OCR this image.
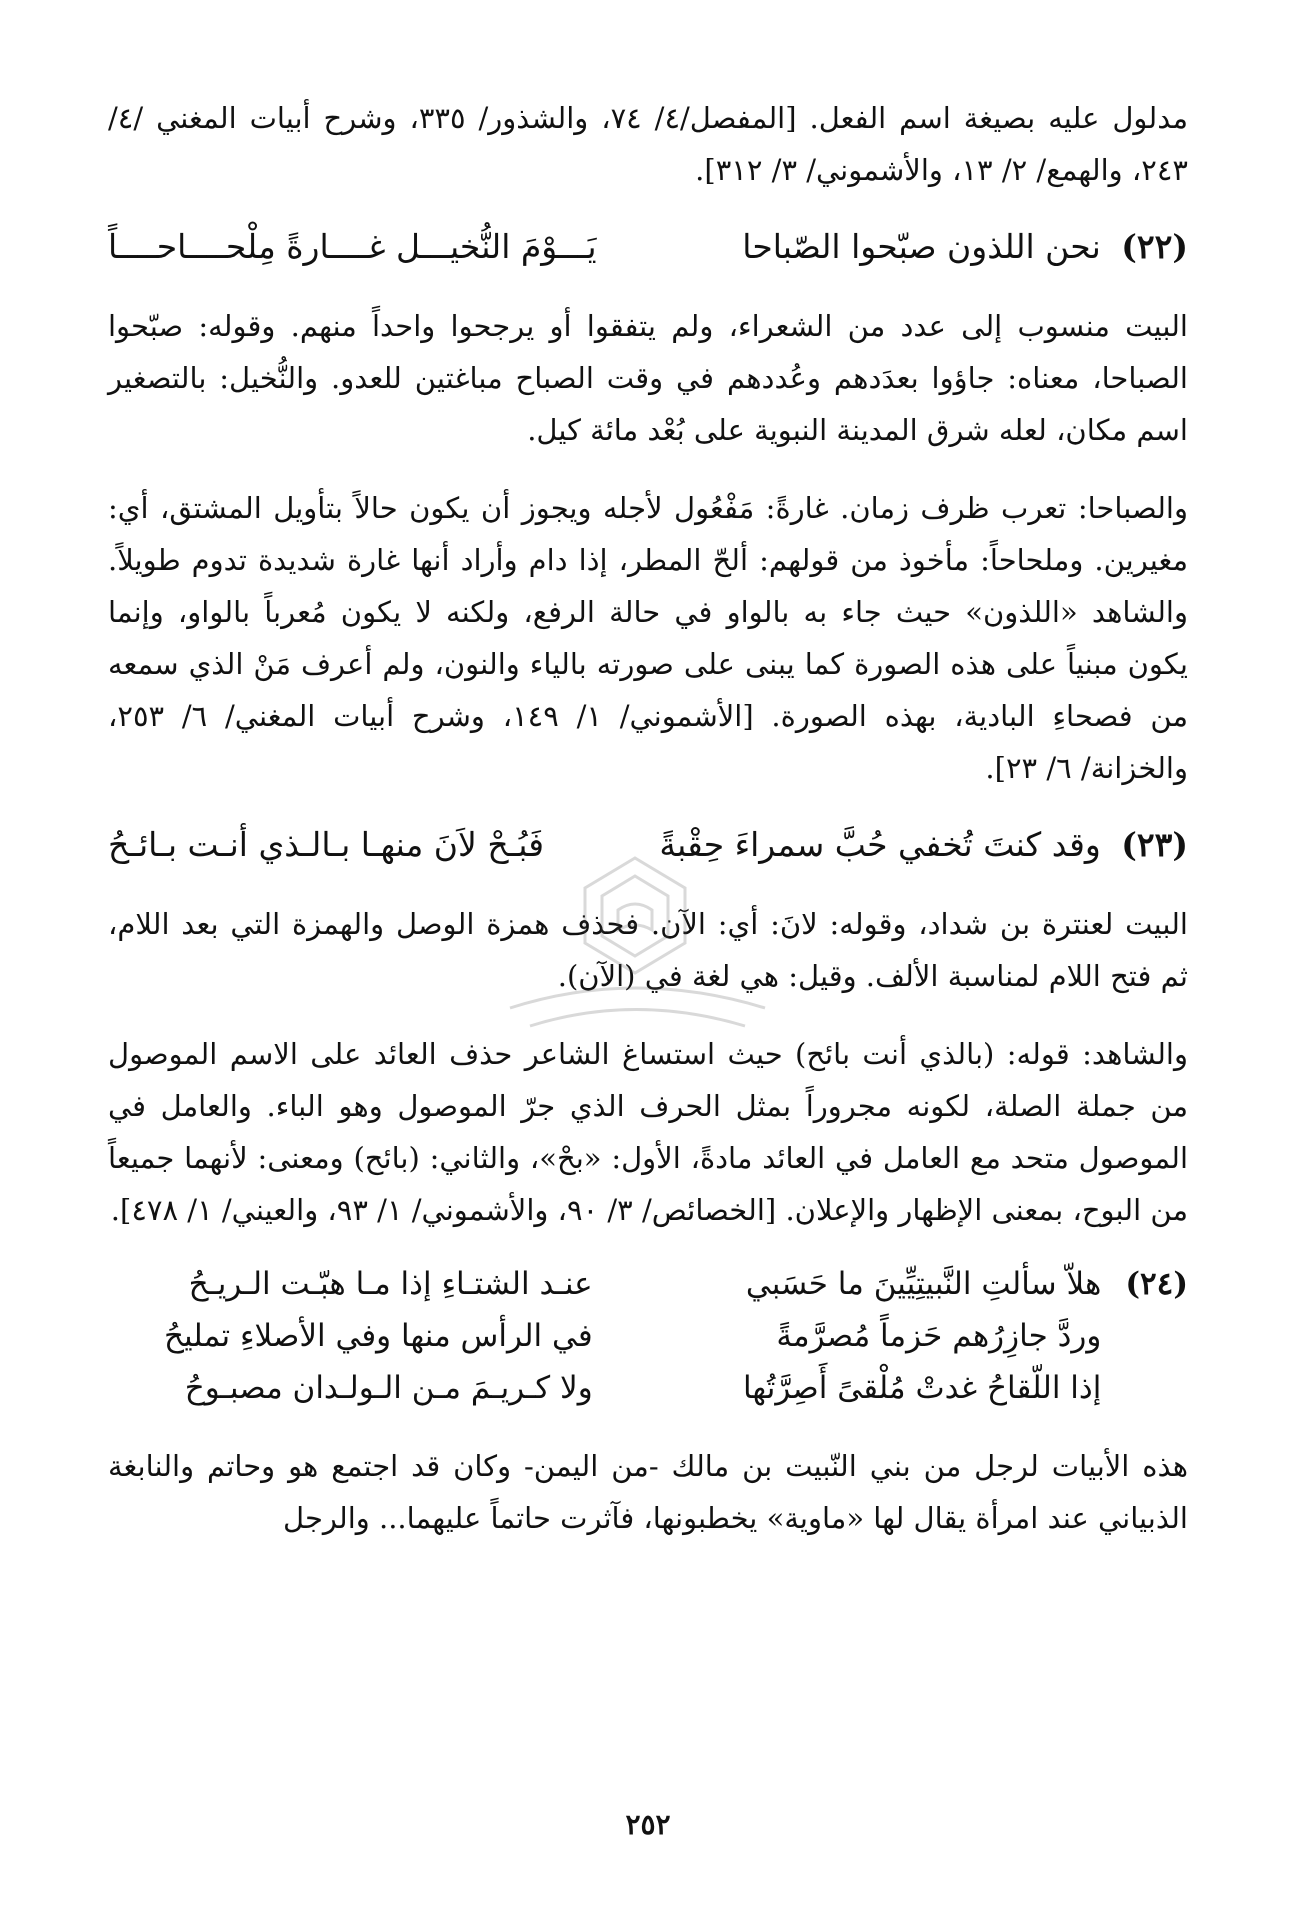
مدلول عليه بصيغة اسم الفعل. [المفصل/٤/ ٧٤، والشذور/ ٣٣٥، وشرح أبيات المغني /٤/ ٢٤٣، والهمع/ ٢/ ١٣، والأشموني/ ٣/ ٣١٢].

(٢٢) نحن اللذون صبّحوا الصّباحا
يَـــوْمَ النُّخيـــل غــــارةً مِلْحــــاحــــاً

البيت منسوب إلى عدد من الشعراء، ولم يتفقوا أو يرجحوا واحداً منهم. وقوله: صبّحوا الصباحا، معناه: جاؤوا بعدَدهم وعُددهم في وقت الصباح مباغتين للعدو. والنُّخيل: بالتصغير اسم مكان، لعله شرق المدينة النبوية على بُعْد مائة كيل.

والصباحا: تعرب ظرف زمان. غارةً: مَفْعُول لأجله ويجوز أن يكون حالاً بتأويل المشتق، أي: مغيرين. وملحاحاً: مأخوذ من قولهم: ألحّ المطر، إذا دام وأراد أنها غارة شديدة تدوم طويلاً. والشاهد «اللذون» حيث جاء به بالواو في حالة الرفع، ولكنه لا يكون مُعرباً بالواو، وإنما يكون مبنياً على هذه الصورة كما يبنى على صورته بالياء والنون، ولم أعرف مَنْ الذي سمعه من فصحاءِ البادية، بهذه الصورة. [الأشموني/ ١/ ١٤٩، وشرح أبيات المغني/ ٦/ ٢٥٣، والخزانة/ ٦/ ٢٣].

(٢٣) وقد كنتَ تُخفي حُبَّ سمراءَ حِقْبةً
فَبُـحْ لاَنَ منهـا بـالـذي أنـت بـائـحُ

البيت لعنترة بن شداد، وقوله: لانَ: أي: الآن. فحذف همزة الوصل والهمزة التي بعد اللام، ثم فتح اللام لمناسبة الألف. وقيل: هي لغة في (الآن).

والشاهد: قوله: (بالذي أنت بائح) حيث استساغ الشاعر حذف العائد على الاسم الموصول من جملة الصلة، لكونه مجروراً بمثل الحرف الذي جرّ الموصول وهو الباء. والعامل في الموصول متحد مع العامل في العائد مادةً، الأول: «بحْ»، والثاني: (بائح) ومعنى: لأنهما جميعاً من البوح، بمعنى الإظهار والإعلان. [الخصائص/ ٣/ ٩٠، والأشموني/ ١/ ٩٣، والعيني/ ١/ ٤٧٨].

(٢٤)
هلاّ سألتِ النَّبيتِيِّينَ ما حَسَبي
عنـد الشتـاءِ إذا مـا هبّـت الـريـحُ
وردَّ جازِرُهم حَزماً مُصرَّمةً
في الرأس منها وفي الأصلاءِ تمليحُ
إذا اللّقاحُ غدتْ مُلْقىً أَصِرَّتُها
ولا كـريـمَ مـن الـولـدان مصبـوحُ

هذه الأبيات لرجل من بني النّبيت بن مالك -من اليمن- وكان قد اجتمع هو وحاتم والنابغة الذبياني عند امرأة يقال لها «ماوية» يخطبونها، فآثرت حاتماً عليهما... والرجل

٢٥٢
